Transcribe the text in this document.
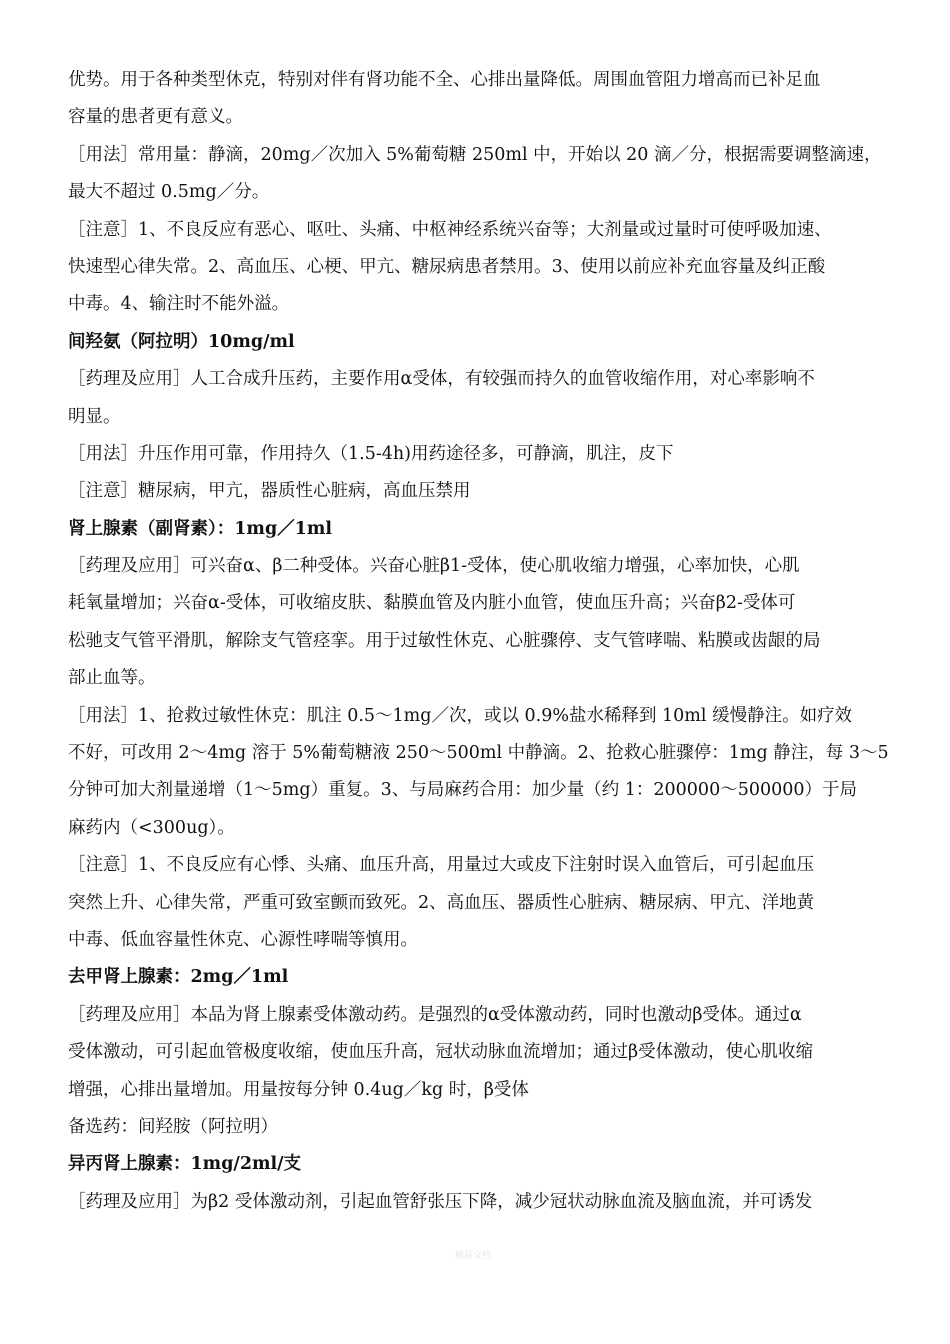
优势。用于各种类型休克，特别对伴有肾功能不全、心排出量降低。周围血管阻力增高而已补足血
容量的患者更有意义。
［用法］常用量：静滴，20mg／次加入 5%葡萄糖 250ml 中，开始以 20 滴／分，根据需要调整滴速，
最大不超过 0.5mg／分。
［注意］1、不良反应有恶心、呕吐、头痛、中枢神经系统兴奋等；大剂量或过量时可使呼吸加速、
快速型心律失常。2、高血压、心梗、甲亢、糖尿病患者禁用。3、使用以前应补充血容量及纠正酸
中毒。4、输注时不能外溢。
间羟氨（阿拉明）10mg/ml
［药理及应用］人工合成升压药，主要作用α受体，有较强而持久的血管收缩作用，对心率影响不
明显。
［用法］升压作用可靠，作用持久（1.5-4h)用药途径多，可静滴，肌注，皮下
［注意］糖尿病，甲亢，器质性心脏病，高血压禁用
肾上腺素（副肾素）：1mg／1ml
［药理及应用］可兴奋α、β二种受体。兴奋心脏β1-受体，使心肌收缩力增强，心率加快，心肌
耗氧量增加；兴奋α-受体，可收缩皮肤、黏膜血管及内脏小血管，使血压升高；兴奋β2-受体可
松驰支气管平滑肌，解除支气管痉挛。用于过敏性休克、心脏骤停、支气管哮喘、粘膜或齿龈的局
部止血等。
［用法］1、抢救过敏性休克：肌注 0.5～1mg／次，或以 0.9%盐水稀释到 10ml 缓慢静注。如疗效
不好，可改用 2～4mg 溶于 5%葡萄糖液 250～500ml 中静滴。2、抢救心脏骤停：1mg 静注，每 3～5
分钟可加大剂量递增（1～5mg）重复。3、与局麻药合用：加少量（约 1：200000～500000）于局
麻药内（<300ug）。
［注意］1、不良反应有心悸、头痛、血压升高，用量过大或皮下注射时误入血管后，可引起血压
突然上升、心律失常，严重可致室颤而致死。2、高血压、器质性心脏病、糖尿病、甲亢、洋地黄
中毒、低血容量性休克、心源性哮喘等慎用。
去甲肾上腺素：2mg／1ml
［药理及应用］本品为肾上腺素受体激动药。是强烈的α受体激动药，同时也激动β受体。通过α
受体激动，可引起血管极度收缩，使血压升高，冠状动脉血流增加；通过β受体激动，使心肌收缩
增强，心排出量增加。用量按每分钟 0.4ug／kg 时，β受体
备选药：间羟胺（阿拉明）
异丙肾上腺素：1mg/2ml/支
［药理及应用］为β2 受体激动剂，引起血管舒张压下降，减少冠状动脉血流及脑血流，并可诱发
精品文档
